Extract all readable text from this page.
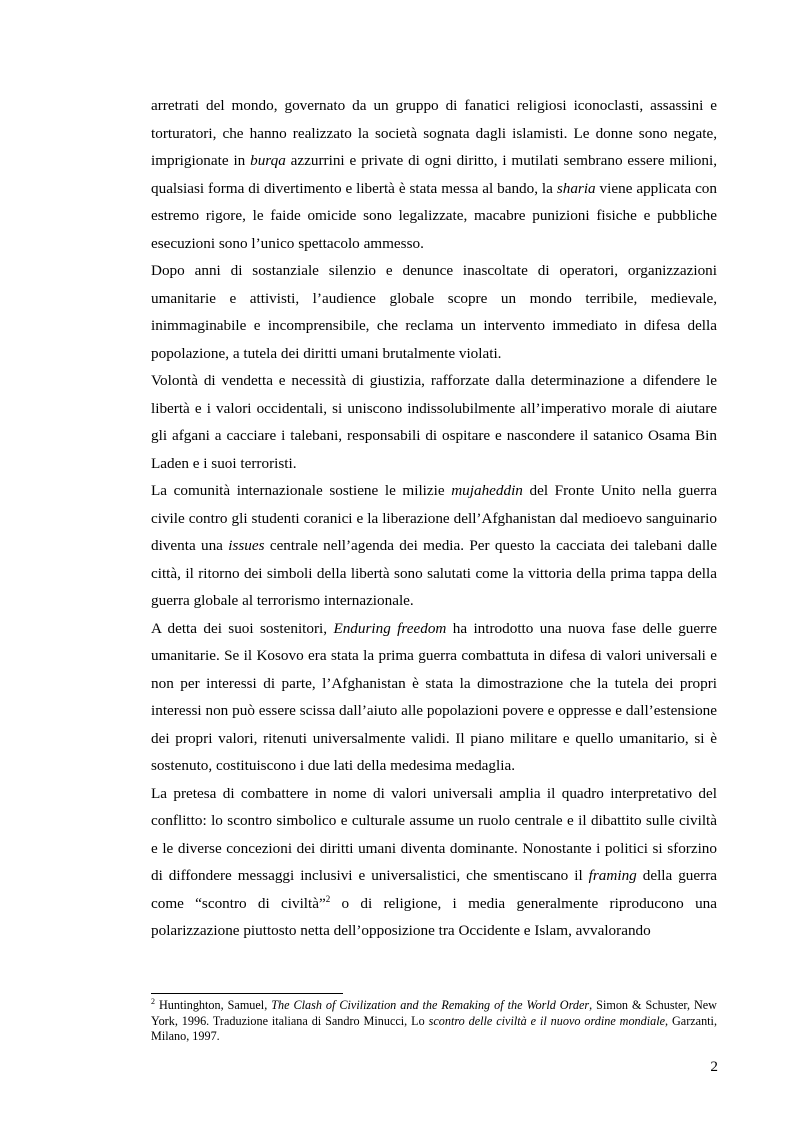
arretrati del mondo, governato da un gruppo di fanatici religiosi iconoclasti, assassini e torturatori, che hanno realizzato la società sognata dagli islamisti. Le donne sono negate, imprigionate in burqa azzurrini e private di ogni diritto, i mutilati sembrano essere milioni, qualsiasi forma di divertimento e libertà è stata messa al bando, la sharia viene applicata con estremo rigore, le faide omicide sono legalizzate, macabre punizioni fisiche e pubbliche esecuzioni sono l’unico spettacolo ammesso.

Dopo anni di sostanziale silenzio e denunce inascoltate di operatori, organizzazioni umanitarie e attivisti, l’audience globale scopre un mondo terribile, medievale, inimmaginabile e incomprensibile, che reclama un intervento immediato in difesa della popolazione, a tutela dei diritti umani brutalmente violati.

Volontà di vendetta e necessità di giustizia, rafforzate dalla determinazione a difendere le libertà e i valori occidentali, si uniscono indissolubilmente all’imperativo morale di aiutare gli afgani a cacciare i talebani, responsabili di ospitare e nascondere il satanico Osama Bin Laden e i suoi terroristi.

La comunità internazionale sostiene le milizie mujaheddin del Fronte Unito nella guerra civile contro gli studenti coranici e la liberazione dell’Afghanistan dal medioevo sanguinario diventa una issues centrale nell’agenda dei media. Per questo la cacciata dei talebani dalle città, il ritorno dei simboli della libertà sono salutati come la vittoria della prima tappa della guerra globale al terrorismo internazionale.

A detta dei suoi sostenitori, Enduring freedom ha introdotto una nuova fase delle guerre umanitarie. Se il Kosovo era stata la prima guerra combattuta in difesa di valori universali e non per interessi di parte, l’Afghanistan è stata la dimostrazione che la tutela dei propri interessi non può essere scissa dall’aiuto alle popolazioni povere e oppresse e dall’estensione dei propri valori, ritenuti universalmente validi. Il piano militare e quello umanitario, si è sostenuto, costituiscono i due lati della medesima medaglia.

La pretesa di combattere in nome di valori universali amplia il quadro interpretativo del conflitto: lo scontro simbolico e culturale assume un ruolo centrale e il dibattito sulle civiltà e le diverse concezioni dei diritti umani diventa dominante. Nonostante i politici si sforzino di diffondere messaggi inclusivi e universalistici, che smentiscano il framing della guerra come “scontro di civiltà”$^2$ o di religione, i media generalmente riproducono una polarizzazione piuttosto netta dell’opposizione tra Occidente e Islam, avvalorando

$^2$ Huntinghton, Samuel, The Clash of Civilization and the Remaking of the World Order, Simon & Schuster, New York, 1996. Traduzione italiana di Sandro Minucci, Lo scontro delle civiltà e il nuovo ordine mondiale, Garzanti, Milano, 1997.
2
